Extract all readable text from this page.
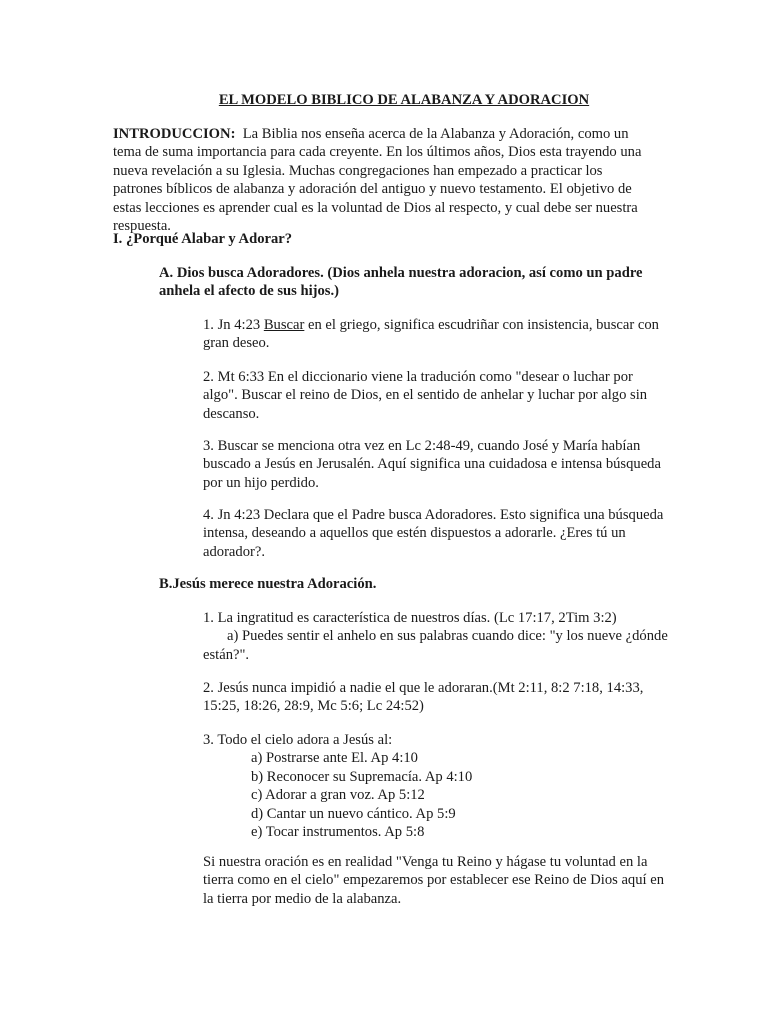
EL MODELO BIBLICO DE ALABANZA Y ADORACION
INTRODUCCION: La Biblia nos enseña acerca de la Alabanza y Adoración, como un tema de suma importancia para cada creyente. En los últimos años, Dios esta trayendo una nueva revelación a su Iglesia. Muchas congregaciones han empezado a practicar los patrones bíblicos de alabanza y adoración del antiguo y nuevo testamento. El objetivo de estas lecciones es aprender cual es la voluntad de Dios al respecto, y cual debe ser nuestra respuesta.
I. ¿Porqué Alabar y Adorar?
A. Dios busca Adoradores. (Dios anhela nuestra adoracion, así como un padre
anhela el afecto de sus hijos.)
1. Jn 4:23 Buscar en el griego, significa escudriñar con insistencia, buscar con
gran deseo.
2. Mt 6:33 En el diccionario viene la tradución como "desear o luchar por
algo". Buscar el reino de Dios, en el sentido de anhelar y luchar por algo sin
descanso.
3. Buscar se menciona otra vez en Lc 2:48-49, cuando José y María habían
buscado a Jesús en Jerusalén. Aquí significa una cuidadosa e intensa búsqueda
por un hijo perdido.
4. Jn 4:23 Declara que el Padre busca Adoradores. Esto significa una búsqueda
intensa, deseando a aquellos que estén dispuestos a adorarle. ¿Eres tú un
adorador?.
B.Jesús merece nuestra Adoración.
1. La ingratitud es característica de nuestros días. (Lc 17:17, 2Tim 3:2)
a) Puedes sentir el anhelo en sus palabras cuando dice: "y los nueve ¿dónde
están?".
2. Jesús nunca impidió a nadie el que le adoraran.(Mt 2:11, 8:2 7:18, 14:33,
15:25, 18:26, 28:9, Mc 5:6; Lc 24:52)
3. Todo el cielo adora a Jesús al:
a) Postrarse ante El. Ap 4:10
b) Reconocer su Supremacía. Ap 4:10
c) Adorar a gran voz. Ap 5:12
d) Cantar un nuevo cántico. Ap 5:9
e) Tocar instrumentos. Ap 5:8
Si nuestra oración es en realidad "Venga tu Reino y hágase tu voluntad en la
tierra como en el cielo" empezaremos por establecer ese Reino de Dios aquí en
la tierra por medio de la alabanza.
